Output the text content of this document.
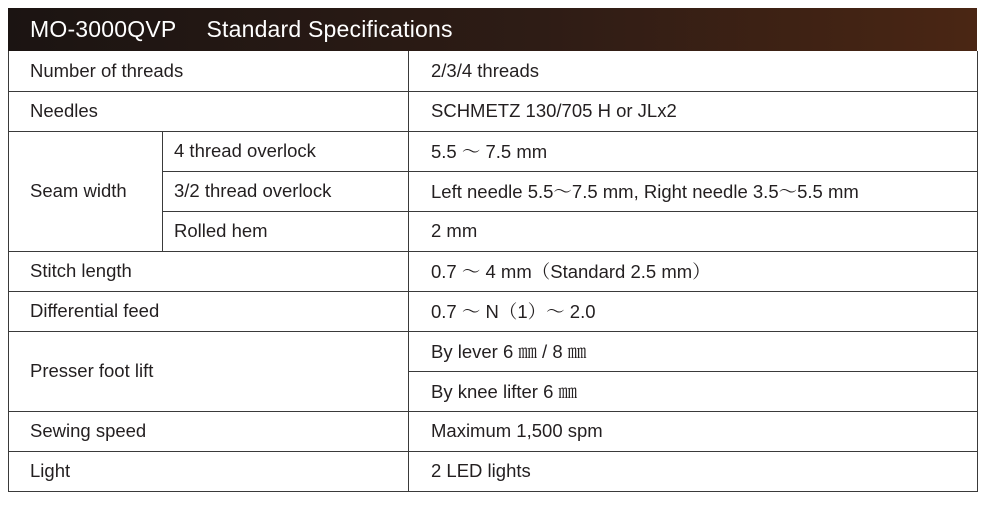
MO-3000QVP Standard Specifications
Number of threads		2/3/4 threads
Needles		SCHMETZ 130/705 H or JLx2
Seam width	4 thread overlock	5.5 ～ 7.5 mm
	3/2 thread overlock	Left needle 5.5～7.5 mm, Right needle 3.5～5.5 mm
	Rolled hem	2 mm
Stitch length		0.7 ～ 4 mm（Standard 2.5 mm）
Differential feed		0.7 ～ N（1）～ 2.0
Presser foot lift		By lever 6 ㎜ / 8 ㎜
		By knee lifter 6 ㎜
Sewing speed		Maximum 1,500 spm
Light		2 LED lights
